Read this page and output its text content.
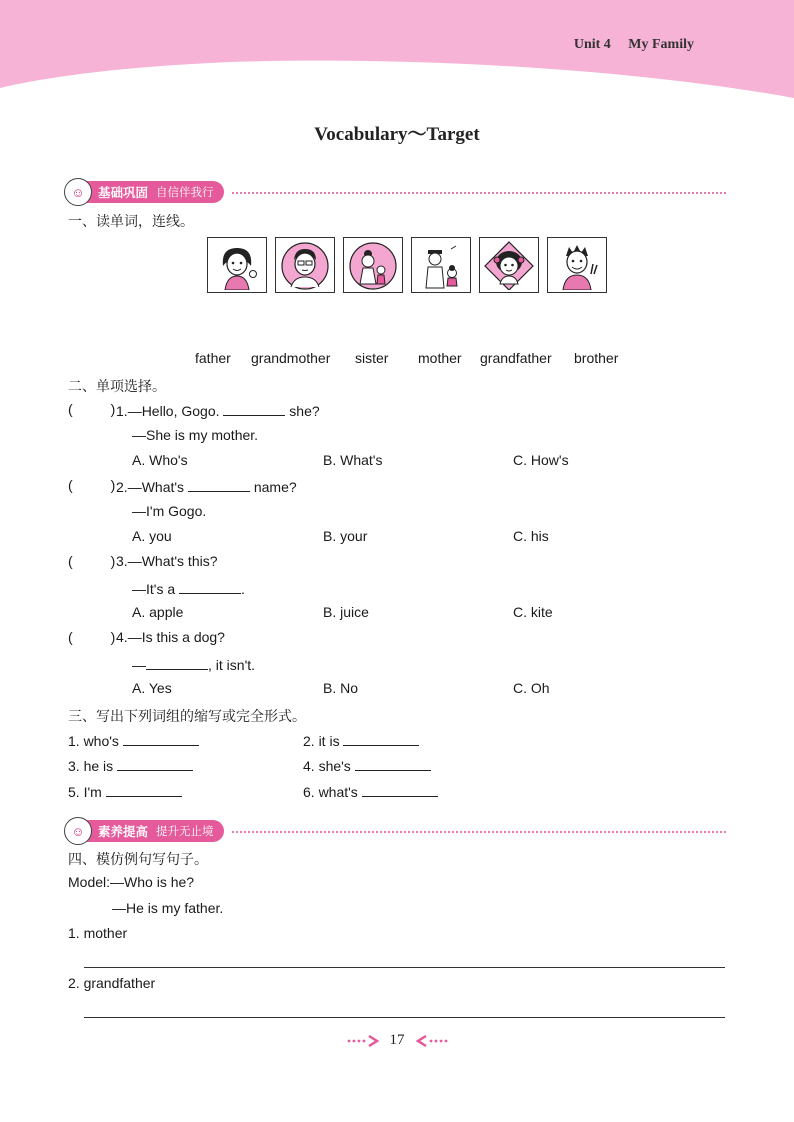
Unit 4 My Family
Vocabulary～Target
☺	基础巩固 自信伴我行
一、读单词，连线。
father	grandmother	sister	mother	grandfather	brother
二、单项选择。
(	) 1.—Hello, Gogo.	she?
—She is my mother.
A. Who's	B. What's	C. How's
(	) 2.—What's	name?
—I'm Gogo.
A. you	B. your	C. his
(	) 3.—What's this?
—It's a	.
A. apple	B. juice	C. kite
(	) 4.—Is this a dog?
—	, it isn't.
A. Yes	B. No	C. Oh
三、写出下列词组的缩写或完全形式。
1. who's	2. it is
3. he is	4. she's
5. I'm	6. what's
☺	素养提高 提升无止境
四、模仿例句写句子。
Model:—Who is he?
—He is my father.
1. mother
2. grandfather
17
